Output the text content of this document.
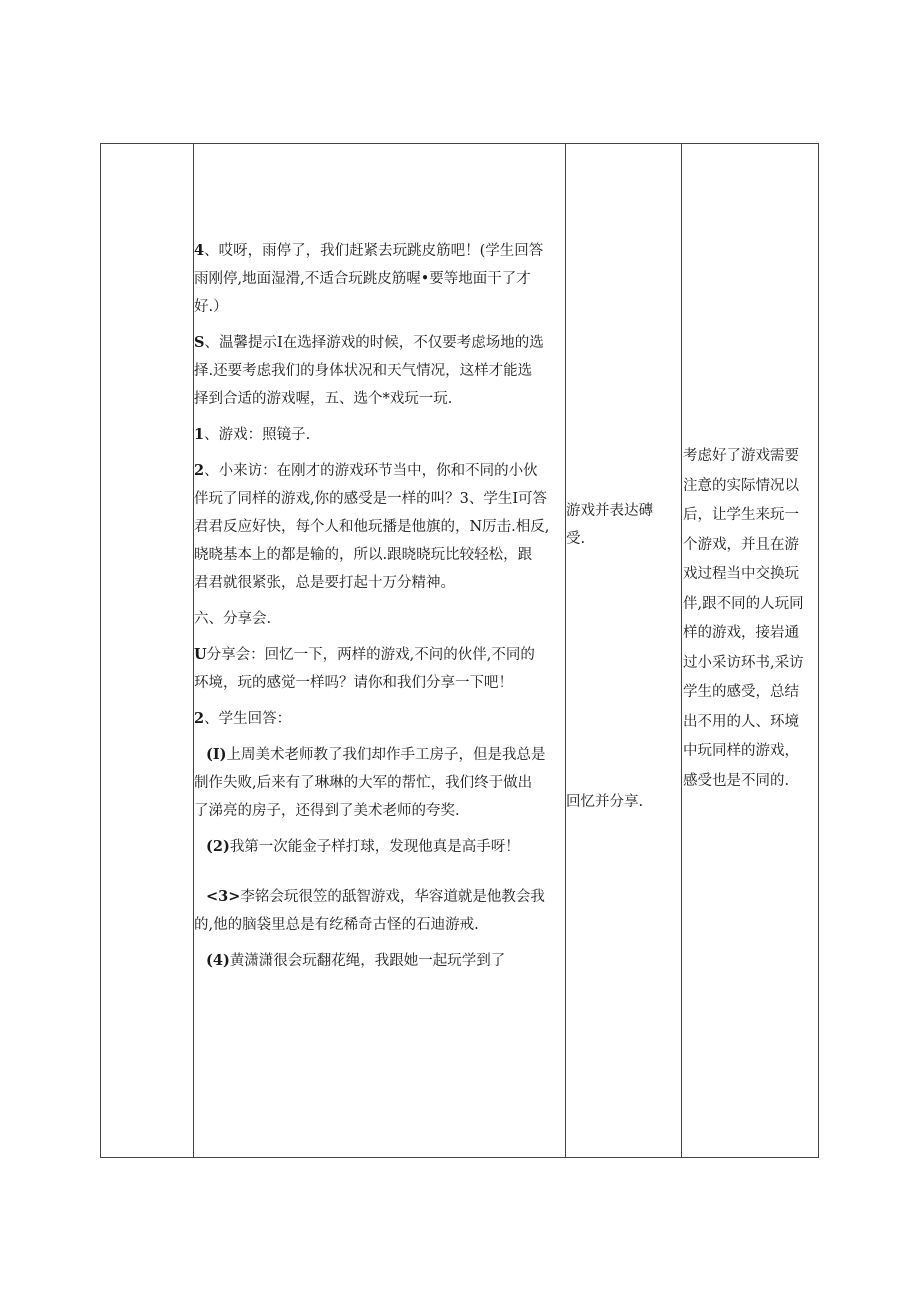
4、哎呀，雨停了，我们赶紧去玩跳皮筋吧！(学生回答

雨刚停,地面湿滑,不适合玩跳皮筋喔•要等地面干了才

好.）

S、温馨提示I在选择游戏的时候，不仅要考虑场地的选

择.还要考虑我们的身体状况和天气情况，这样才能选

择到合适的游戏喔，五、选个*戏玩一玩.

1、游戏：照镜子.

2、小来访：在刚才的游戏环节当中，你和不同的小伙

伴玩了同样的游戏,你的感受是一样的叫？3、学生I可答

君君反应好快，每个人和他玩播是他旗的，N厉击.相反,

晓晓基本上的都是输的，所以.跟晓晓玩比较轻松，跟

君君就很紧张，总是要打起十万分精神。

六、分享会.

U分享会：回忆一下，两样的游戏,不问的伙伴,不同的

环境，玩的感觉一样吗？请你和我们分享一下吧！

2、学生回答：

(I)上周美术老师教了我们却作手工房子，但是我总是

制作失败,后来有了琳琳的大军的帮忙，我们终于做出

了涕亮的房子，还得到了美术老师的夸奖.

(2)我第一次能金子样打球，发现他真是高手呀！

<3>李铭会玩很笠的舐智游戏，华容道就是他教会我

的,他的脑袋里总是有纥稀奇古怪的石迪游戒.

(4)黄潇潇很会玩翻花绳，我跟她一起玩学到了

游戏并表达磚

受.

回忆并分享.

考虑好了游戏需要

注意的实际情况以

后，让学生来玩一

个游戏，并且在游

戏过程当中交换玩

伴,跟不同的人玩同

样的游戏，接岩通

过小采访环书,采访

学生的感受，总结

出不用的人、环境

中玩同样的游戏，

感受也是不同的.
